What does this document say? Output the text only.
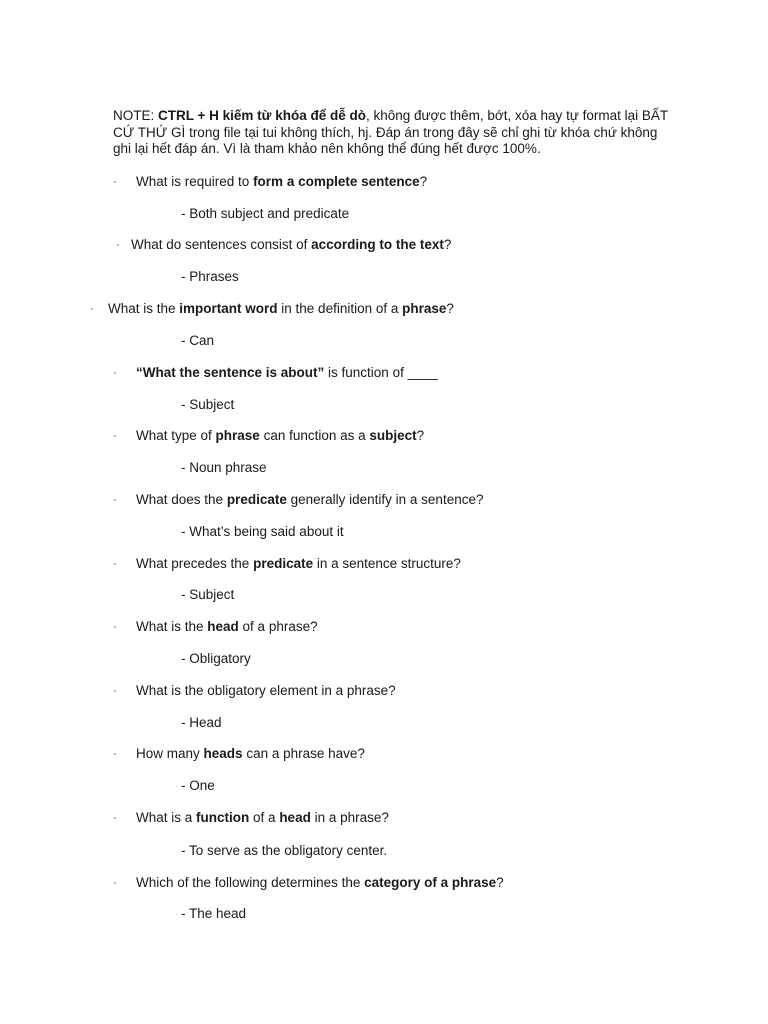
NOTE: CTRL + H kiếm từ khóa để dễ dò, không được thêm, bớt, xóa hay tự format lại BẤT CỨ THỨ GÌ trong file tại tui không thích, hj. Đáp án trong đây sẽ chỉ ghi từ khóa chứ không ghi lại hết đáp án. Vì là tham khảo nên không thể đúng hết được 100%.
· What is required to form a complete sentence?
- Both subject and predicate
· What do sentences consist of according to the text?
- Phrases
· What is the important word in the definition of a phrase?
- Can
· “What the sentence is about” is function of ____
- Subject
· What type of phrase can function as a subject?
- Noun phrase
· What does the predicate generally identify in a sentence?
- What’s being said about it
· What precedes the predicate in a sentence structure?
- Subject
· What is the head of a phrase?
- Obligatory
· What is the obligatory element in a phrase?
- Head
· How many heads can a phrase have?
- One
· What is a function of a head in a phrase?
- To serve as the obligatory center.
· Which of the following determines the category of a phrase?
- The head
